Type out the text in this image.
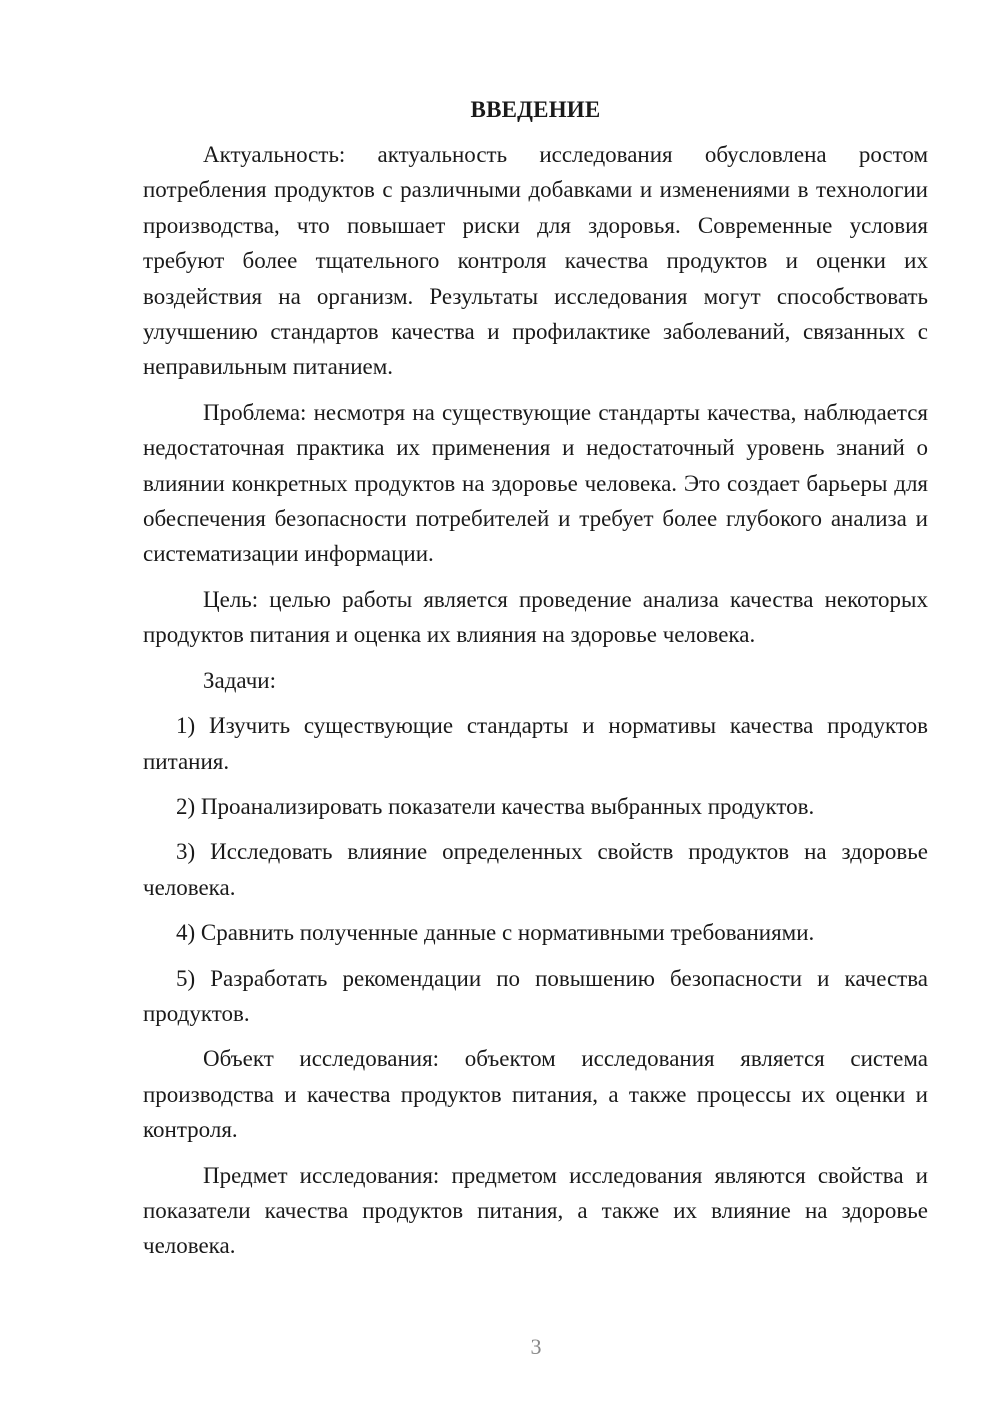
ВВЕДЕНИЕ

Актуальность: актуальность исследования обусловлена ростом потребления продуктов с различными добавками и изменениями в технологии производства, что повышает риски для здоровья. Современные условия требуют более тщательного контроля качества продуктов и оценки их воздействия на организм. Результаты исследования могут способствовать улучшению стандартов качества и профилактике заболеваний, связанных с неправильным питанием.

Проблема: несмотря на существующие стандарты качества, наблюдается недостаточная практика их применения и недостаточный уровень знаний о влиянии конкретных продуктов на здоровье человека. Это создает барьеры для обеспечения безопасности потребителей и требует более глубокого анализа и систематизации информации.

Цель: целью работы является проведение анализа качества некоторых продуктов питания и оценка их влияния на здоровье человека.

Задачи:

1) Изучить существующие стандарты и нормативы качества продуктов питания.

2) Проанализировать показатели качества выбранных продуктов.

3) Исследовать влияние определенных свойств продуктов на здоровье человека.

4) Сравнить полученные данные с нормативными требованиями.

5) Разработать рекомендации по повышению безопасности и качества продуктов.

Объект исследования: объектом исследования является система производства и качества продуктов питания, а также процессы их оценки и контроля.

Предмет исследования: предметом исследования являются свойства и показатели качества продуктов питания, а также их влияние на здоровье человека.

3
